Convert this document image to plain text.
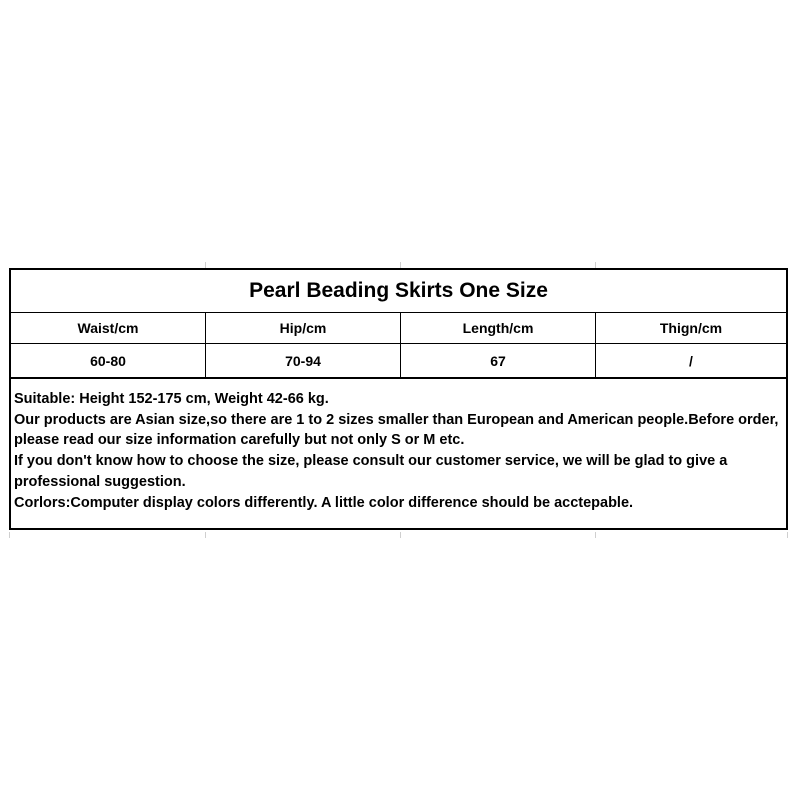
Pearl Beading Skirts One Size
Waist/cm	Hip/cm	Length/cm	Thign/cm
60-80	70-94	67	/

Suitable: Height 152-175 cm, Weight 42-66 kg.

Our products are Asian size,so there are 1 to 2 sizes smaller than European and American people.Before order, please read our size information carefully but not only S or M etc.

If you don't know how to choose the size, please consult our customer service, we will be glad to give a professional suggestion.

Corlors:Computer display colors differently. A little color difference should be acctepable.
